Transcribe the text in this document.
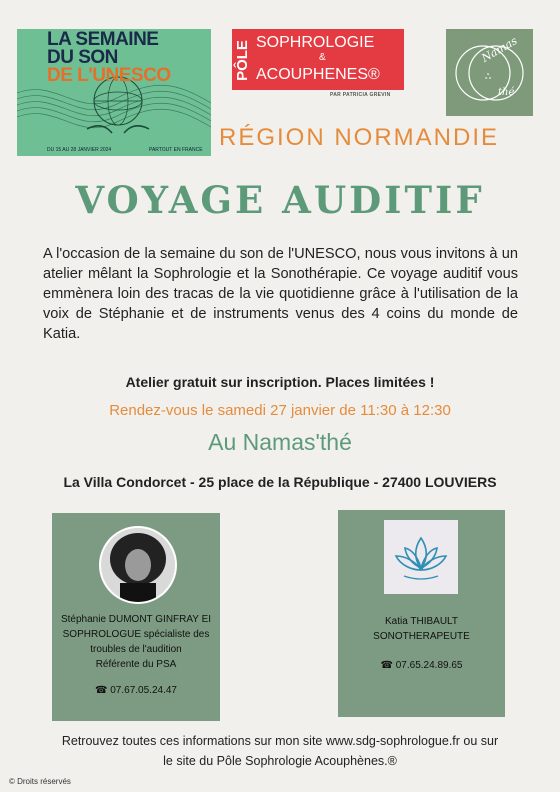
LA SEMAINE
DU SON
DE L'UNESCO
DU 15 AU 28 JANVIER 2024	PARTOUT EN FRANCE
PÔLE SOPHROLOGIE
&
ACOUPHENES®
PAR PATRICIA GREVIN
ஃ
Namas
thé
RÉGION NORMANDIE
VOYAGE AUDITIF
A l'occasion de la semaine du son de l'UNESCO, nous vous invitons à un atelier mêlant la Sophrologie et la Sonothérapie. Ce voyage auditif vous emmènera loin des tracas de la vie quotidienne grâce à l'utilisation de la voix de Stéphanie et de instruments venus des 4 coins du monde de Katia.
Atelier gratuit sur inscription. Places limitées !
Rendez-vous le samedi 27 janvier de 11:30 à 12:30
Au Namas'thé
La Villa Condorcet - 25 place de la République - 27400 LOUVIERS
Stéphanie DUMONT GINFRAY EI
SOPHROLOGUE spécialiste des
troubles de l'audition
Référente du PSA
☎ 07.67.05.24.47
Katia THIBAULT
SONOTHERAPEUTE
☎ 07.65.24.89.65
Retrouvez toutes ces informations sur mon site www.sdg-sophrologue.fr ou sur
le site du Pôle Sophrologie Acouphènes.®
© Droits réservés
